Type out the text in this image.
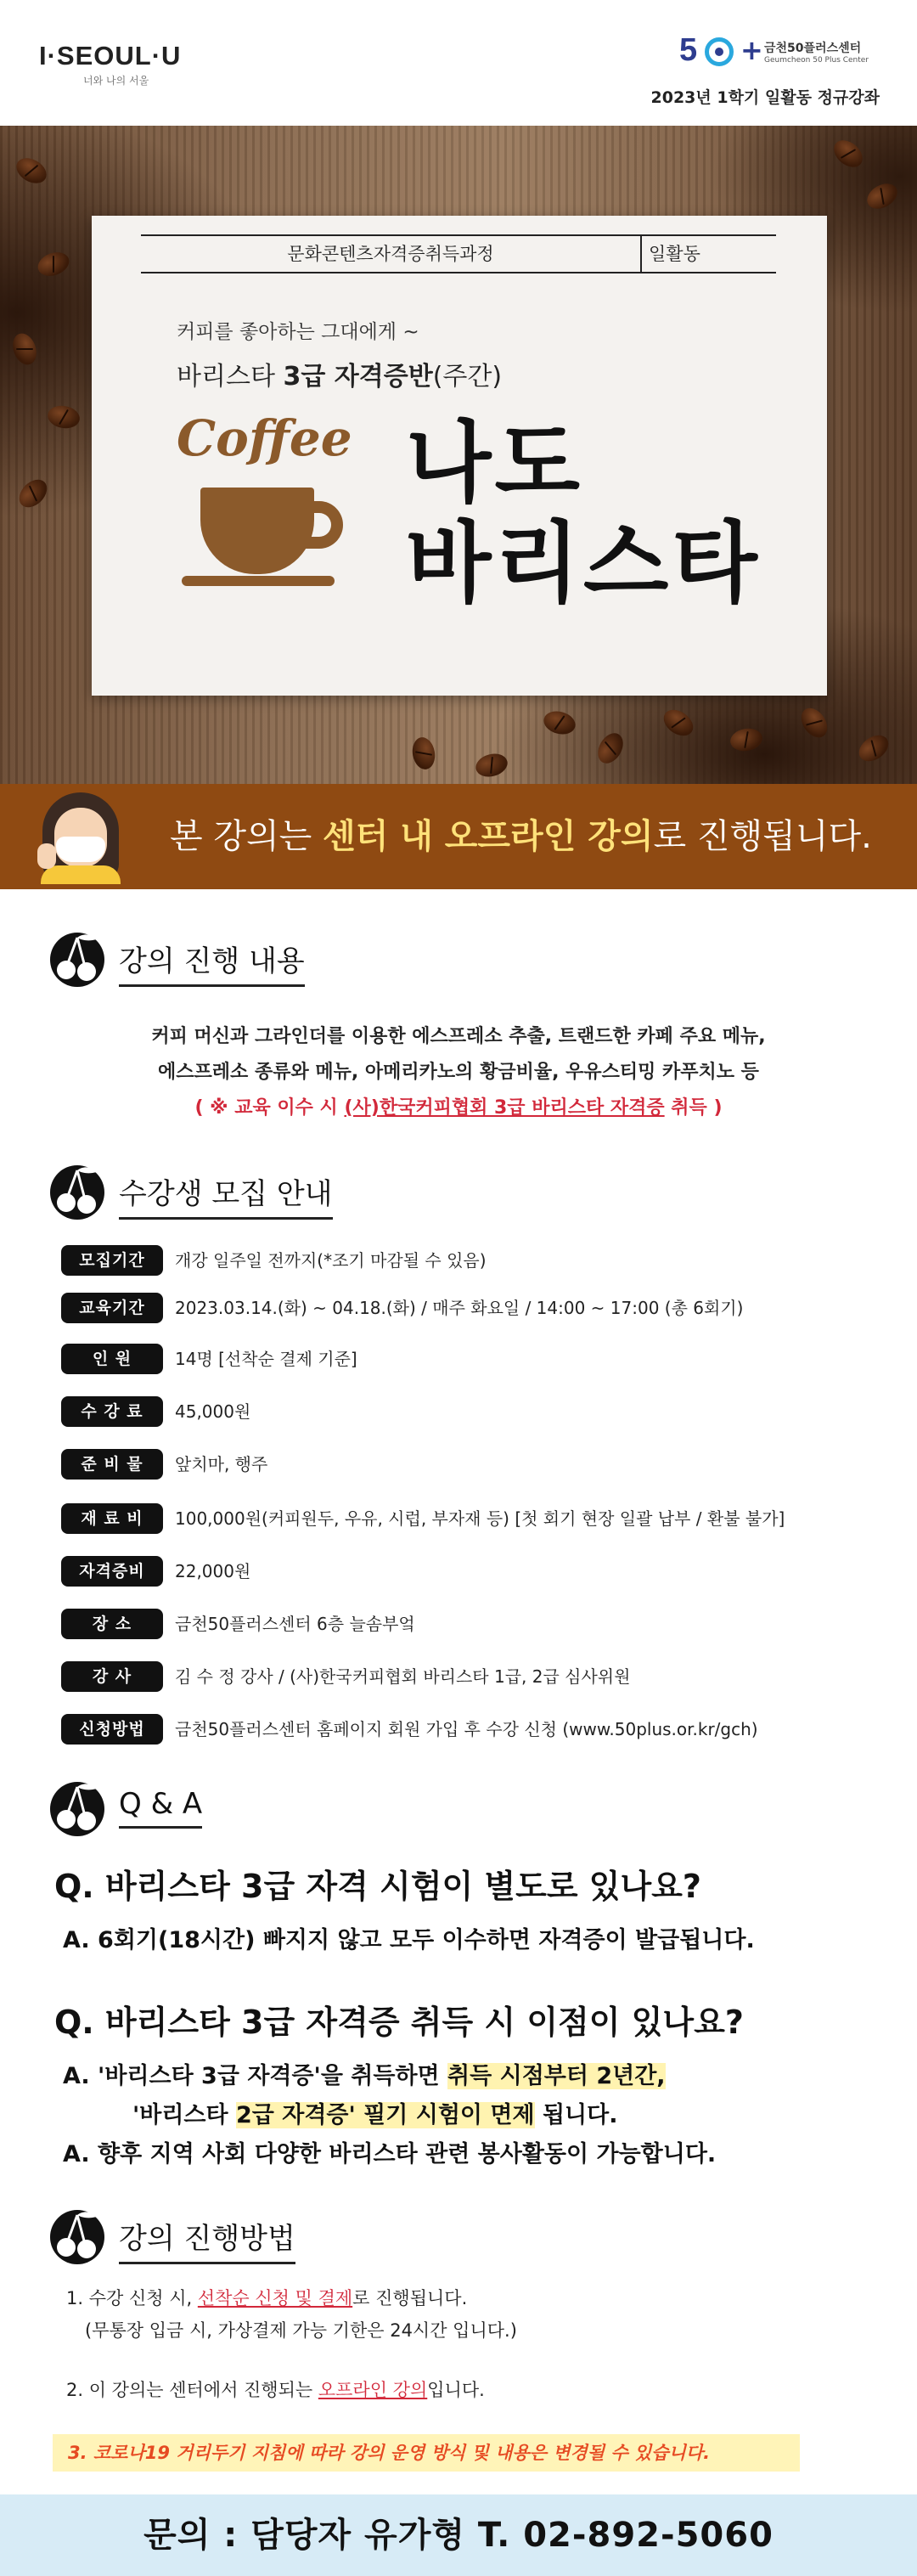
I·SEOUL·U
너와 나의 서울
5 + 금천50플러스센터
Geumcheon 50 Plus Center
2023년 1학기 일활동 정규강좌
문화콘텐츠자격증취득과정	일활동
커피를 좋아하는 그대에게 ~
바리스타 3급 자격증반(주간)
Coffee 나도
바리스타
본 강의는 센터 내 오프라인 강의로 진행됩니다.
강의 진행 내용
커피 머신과 그라인더를 이용한 에스프레소 추출, 트랜드한 카페 주요 메뉴,
에스프레소 종류와 메뉴, 아메리카노의 황금비율, 우유스티밍 카푸치노 등
( ※ 교육 이수 시 (사)한국커피협회 3급 바리스타 자격증 취득 )
수강생 모집 안내
모집기간	개강 일주일 전까지(*조기 마감될 수 있음)
교육기간	2023.03.14.(화) ~ 04.18.(화) / 매주 화요일 / 14:00 ~ 17:00 (총 6회기)
인 원	14명 [선착순 결제 기준]
수 강 료	45,000원
준 비 물	앞치마, 행주
재 료 비	100,000원(커피원두, 우유, 시럽, 부자재 등) [첫 회기 현장 일괄 납부 / 환불 불가]
자격증비	22,000원
장 소	금천50플러스센터 6층 늘솜부엌
강 사	김 수 정 강사 / (사)한국커피협회 바리스타 1급, 2급 심사위원
신청방법	금천50플러스센터 홈페이지 회원 가입 후 수강 신청 (www.50plus.or.kr/gch)
Q & A
Q. 바리스타 3급 자격 시험이 별도로 있나요?
A. 6회기(18시간) 빠지지 않고 모두 이수하면 자격증이 발급됩니다.
Q. 바리스타 3급 자격증 취득 시 이점이 있나요?
A. '바리스타 3급 자격증'을 취득하면 취득 시점부터 2년간,
'바리스타 2급 자격증' 필기 시험이 면제 됩니다.
A. 향후 지역 사회 다양한 바리스타 관련 봉사활동이 가능합니다.
강의 진행방법
1. 수강 신청 시, 선착순 신청 및 결제로 진행됩니다.
(무통장 입금 시, 가상결제 가능 기한은 24시간 입니다.)
2. 이 강의는 센터에서 진행되는 오프라인 강의입니다.
3. 코로나19 거리두기 지침에 따라 강의 운영 방식 및 내용은 변경될 수 있습니다.
문의 : 담당자 유가형 T. 02-892-5060
